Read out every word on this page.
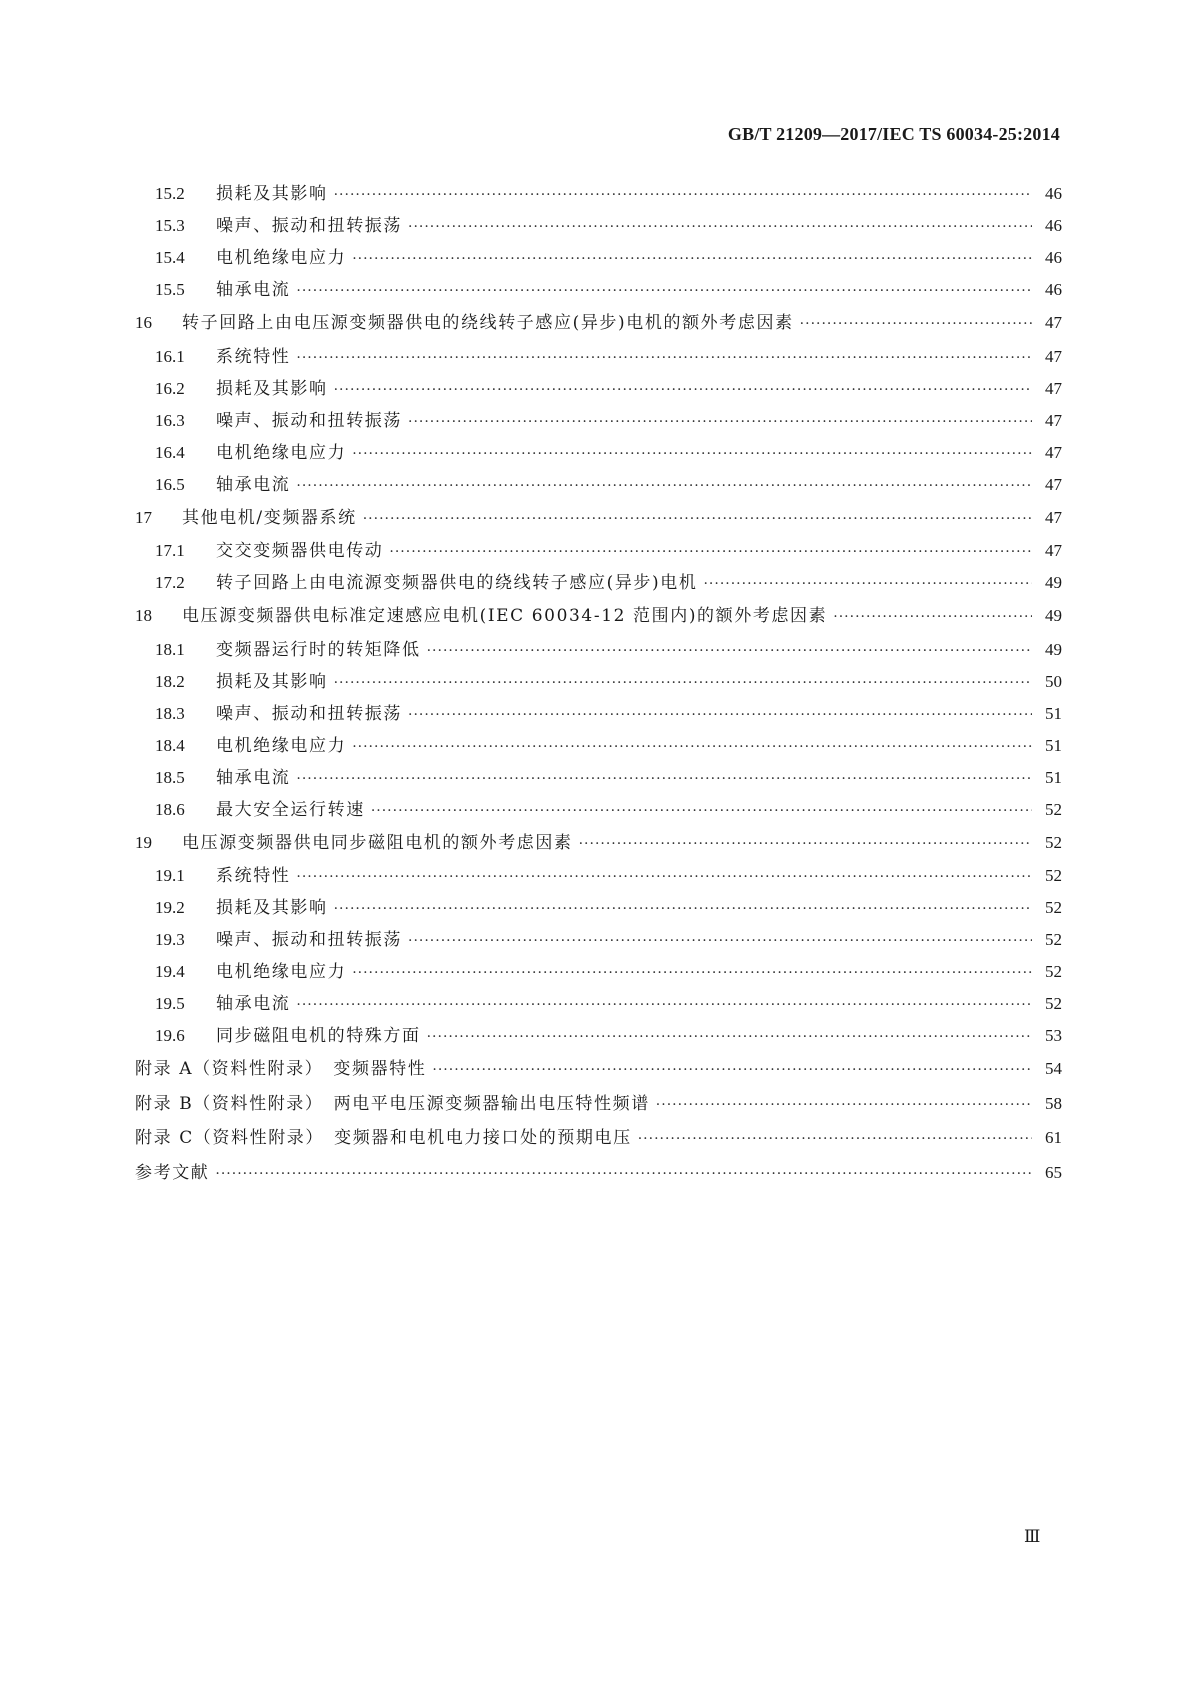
GB/T 21209—2017/IEC TS 60034-25:2014
15.2	损耗及其影响 ·····	46
15.3	噪声、振动和扭转振荡 ·····	46
15.4	电机绝缘电应力 ·····	46
15.5	轴承电流 ·····	46
16	转子回路上由电压源变频器供电的绕线转子感应(异步)电机的额外考虑因素 ·····	47
16.1	系统特性 ·····	47
16.2	损耗及其影响 ·····	47
16.3	噪声、振动和扭转振荡 ·····	47
16.4	电机绝缘电应力 ·····	47
16.5	轴承电流 ·····	47
17	其他电机/变频器系统 ·····	47
17.1	交交变频器供电传动 ·····	47
17.2	转子回路上由电流源变频器供电的绕线转子感应(异步)电机 ·····	49
18	电压源变频器供电标准定速感应电机(IEC 60034-12 范围内)的额外考虑因素 ·····	49
18.1	变频器运行时的转矩降低 ·····	49
18.2	损耗及其影响 ·····	50
18.3	噪声、振动和扭转振荡 ·····	51
18.4	电机绝缘电应力 ·····	51
18.5	轴承电流 ·····	51
18.6	最大安全运行转速 ·····	52
19	电压源变频器供电同步磁阻电机的额外考虑因素 ·····	52
19.1	系统特性 ·····	52
19.2	损耗及其影响 ·····	52
19.3	噪声、振动和扭转振荡 ·····	52
19.4	电机绝缘电应力 ·····	52
19.5	轴承电流 ·····	52
19.6	同步磁阻电机的特殊方面 ·····	53
附录 A（资料性附录）　变频器特性 ·····	54
附录 B（资料性附录）　两电平电压源变频器输出电压特性频谱 ·····	58
附录 C（资料性附录）　变频器和电机电力接口处的预期电压 ·····	61
参考文献 ·····	65
Ⅲ
